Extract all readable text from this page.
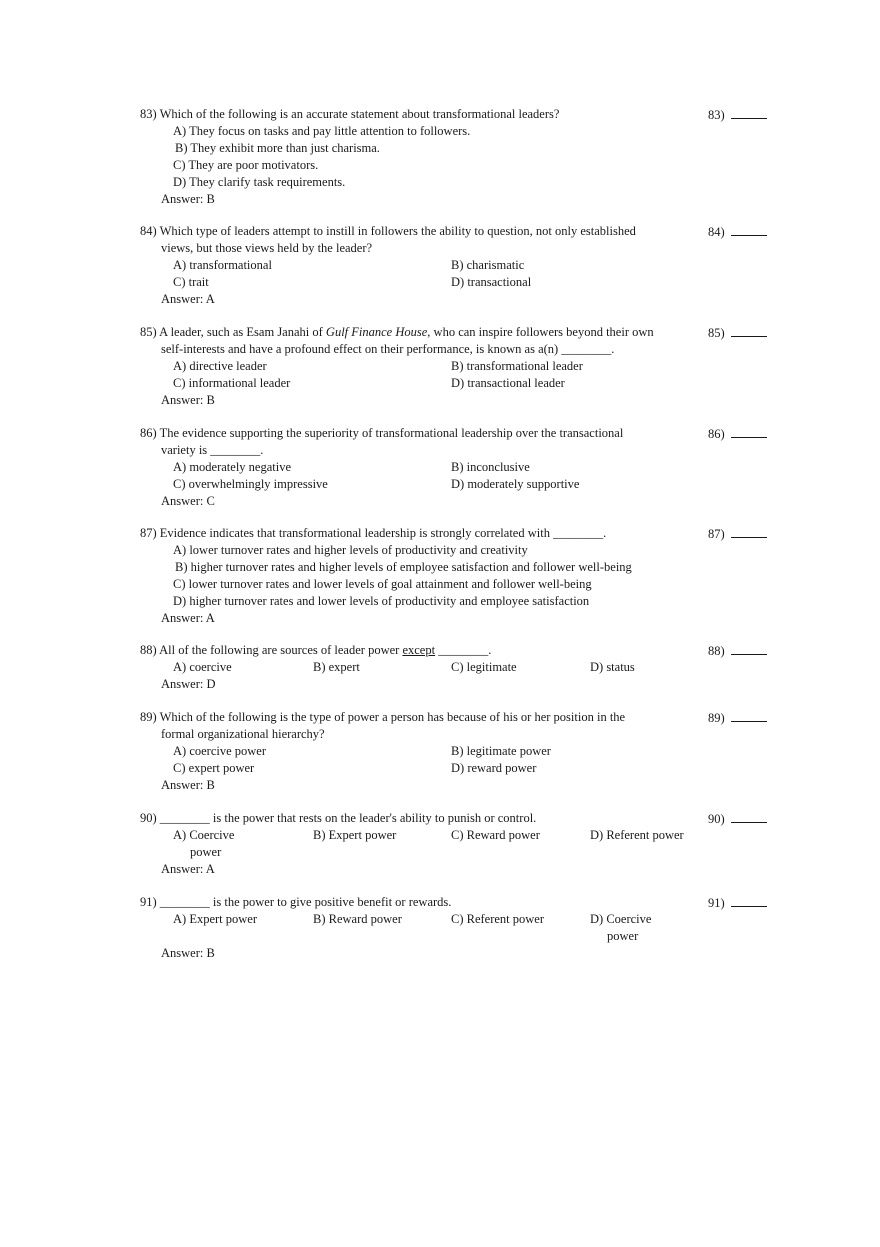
83) Which of the following is an accurate statement about transformational leaders?	83)
A) They focus on tasks and pay little attention to followers.
B) They exhibit more than just charisma.
C) They are poor motivators.
D) They clarify task requirements.
Answer: B
84) Which type of leaders attempt to instill in followers the ability to question, not only established	84)
views, but those views held by the leader?
A) transformational	B) charismatic
C) trait	D) transactional
Answer: A
85) A leader, such as Esam Janahi of Gulf Finance House, who can inspire followers beyond their own	85)
self-interests and have a profound effect on their performance, is known as a(n) ________.
A) directive leader	B) transformational leader
C) informational leader	D) transactional leader
Answer: B
86) The evidence supporting the superiority of transformational leadership over the transactional	86)
variety is ________.
A) moderately negative	B) inconclusive
C) overwhelmingly impressive	D) moderately supportive
Answer: C
87) Evidence indicates that transformational leadership is strongly correlated with ________.	87)
A) lower turnover rates and higher levels of productivity and creativity
B) higher turnover rates and higher levels of employee satisfaction and follower well-being
C) lower turnover rates and lower levels of goal attainment and follower well-being
D) higher turnover rates and lower levels of productivity and employee satisfaction
Answer: A
88) All of the following are sources of leader power except ________.	88)
A) coercive	B) expert	C) legitimate	D) status
Answer: D
89) Which of the following is the type of power a person has because of his or her position in the	89)
formal organizational hierarchy?
A) coercive power	B) legitimate power
C) expert power	D) reward power
Answer: B
90) ________ is the power that rests on the leader's ability to punish or control.	90)
A) Coercive	B) Expert power	C) Reward power	D) Referent power
power
Answer: A
91) ________ is the power to give positive benefit or rewards.	91)
A) Expert power	B) Reward power	C) Referent power	D) Coercive
power
Answer: B
